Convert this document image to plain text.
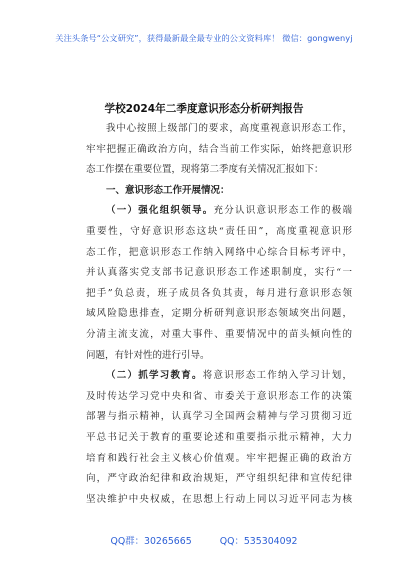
关注头条号“公文研究”，获得最新最全最专业的公文资料库！ 微信：gongwenyj
学校2024年二季度意识形态分析研判报告
我中心按照上级部门的要求，高度重视意识形态工作，
牢牢把握正确政治方向，结合当前工作实际，始终把意识形
态工作摆在重要位置，现将第二季度有关情况汇报如下：
一、意识形态工作开展情况：
（一）强化组织领导。充分认识意识形态工作的极端
重要性，守好意识形态这块“责任田”，高度重视意识形
态工作，把意识形态工作纳入网络中心综合目标考评中，
并认真落实党支部书记意识形态工作述职制度，实行“一
把手”负总责，班子成员各负其责，每月进行意识形态领
域风险隐患排查，定期分析研判意识形态领域突出问题，
分清主流支流，对重大事件、重要情况中的苗头倾向性的
问题，有针对性的进行引导。
（二）抓学习教育。将意识形态工作纳入学习计划，
及时传达学习党中央和省、市委关于意识形态工作的决策
部署与指示精神，认真学习全国两会精神与学习贯彻习近
平总书记关于教育的重要论述和重要指示批示精神，大力
培育和践行社会主义核心价值观。牢牢把握正确的政治方
向，严守政治纪律和政治规矩，严守组织纪律和宣传纪律
坚决维护中央权威，在思想上行动上同以习近平同志为核
QQ群：30265665	QQ：535304092
